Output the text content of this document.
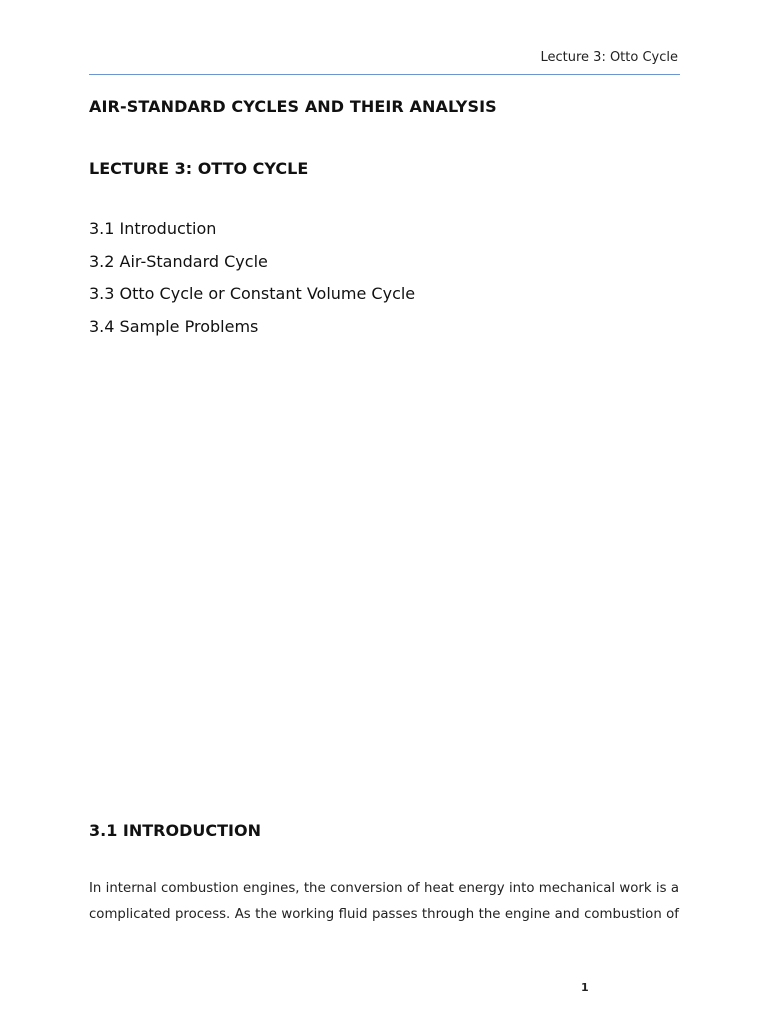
Lecture 3: Otto Cycle
AIR-STANDARD CYCLES AND THEIR ANALYSIS
LECTURE 3: OTTO CYCLE
3.1 Introduction
3.2 Air-Standard Cycle
3.3 Otto Cycle or Constant Volume Cycle
3.4 Sample Problems
3.1 INTRODUCTION

In internal combustion engines, the conversion of heat energy into mechanical work is a complicated process. As the working fluid passes through the engine and combustion of

1
